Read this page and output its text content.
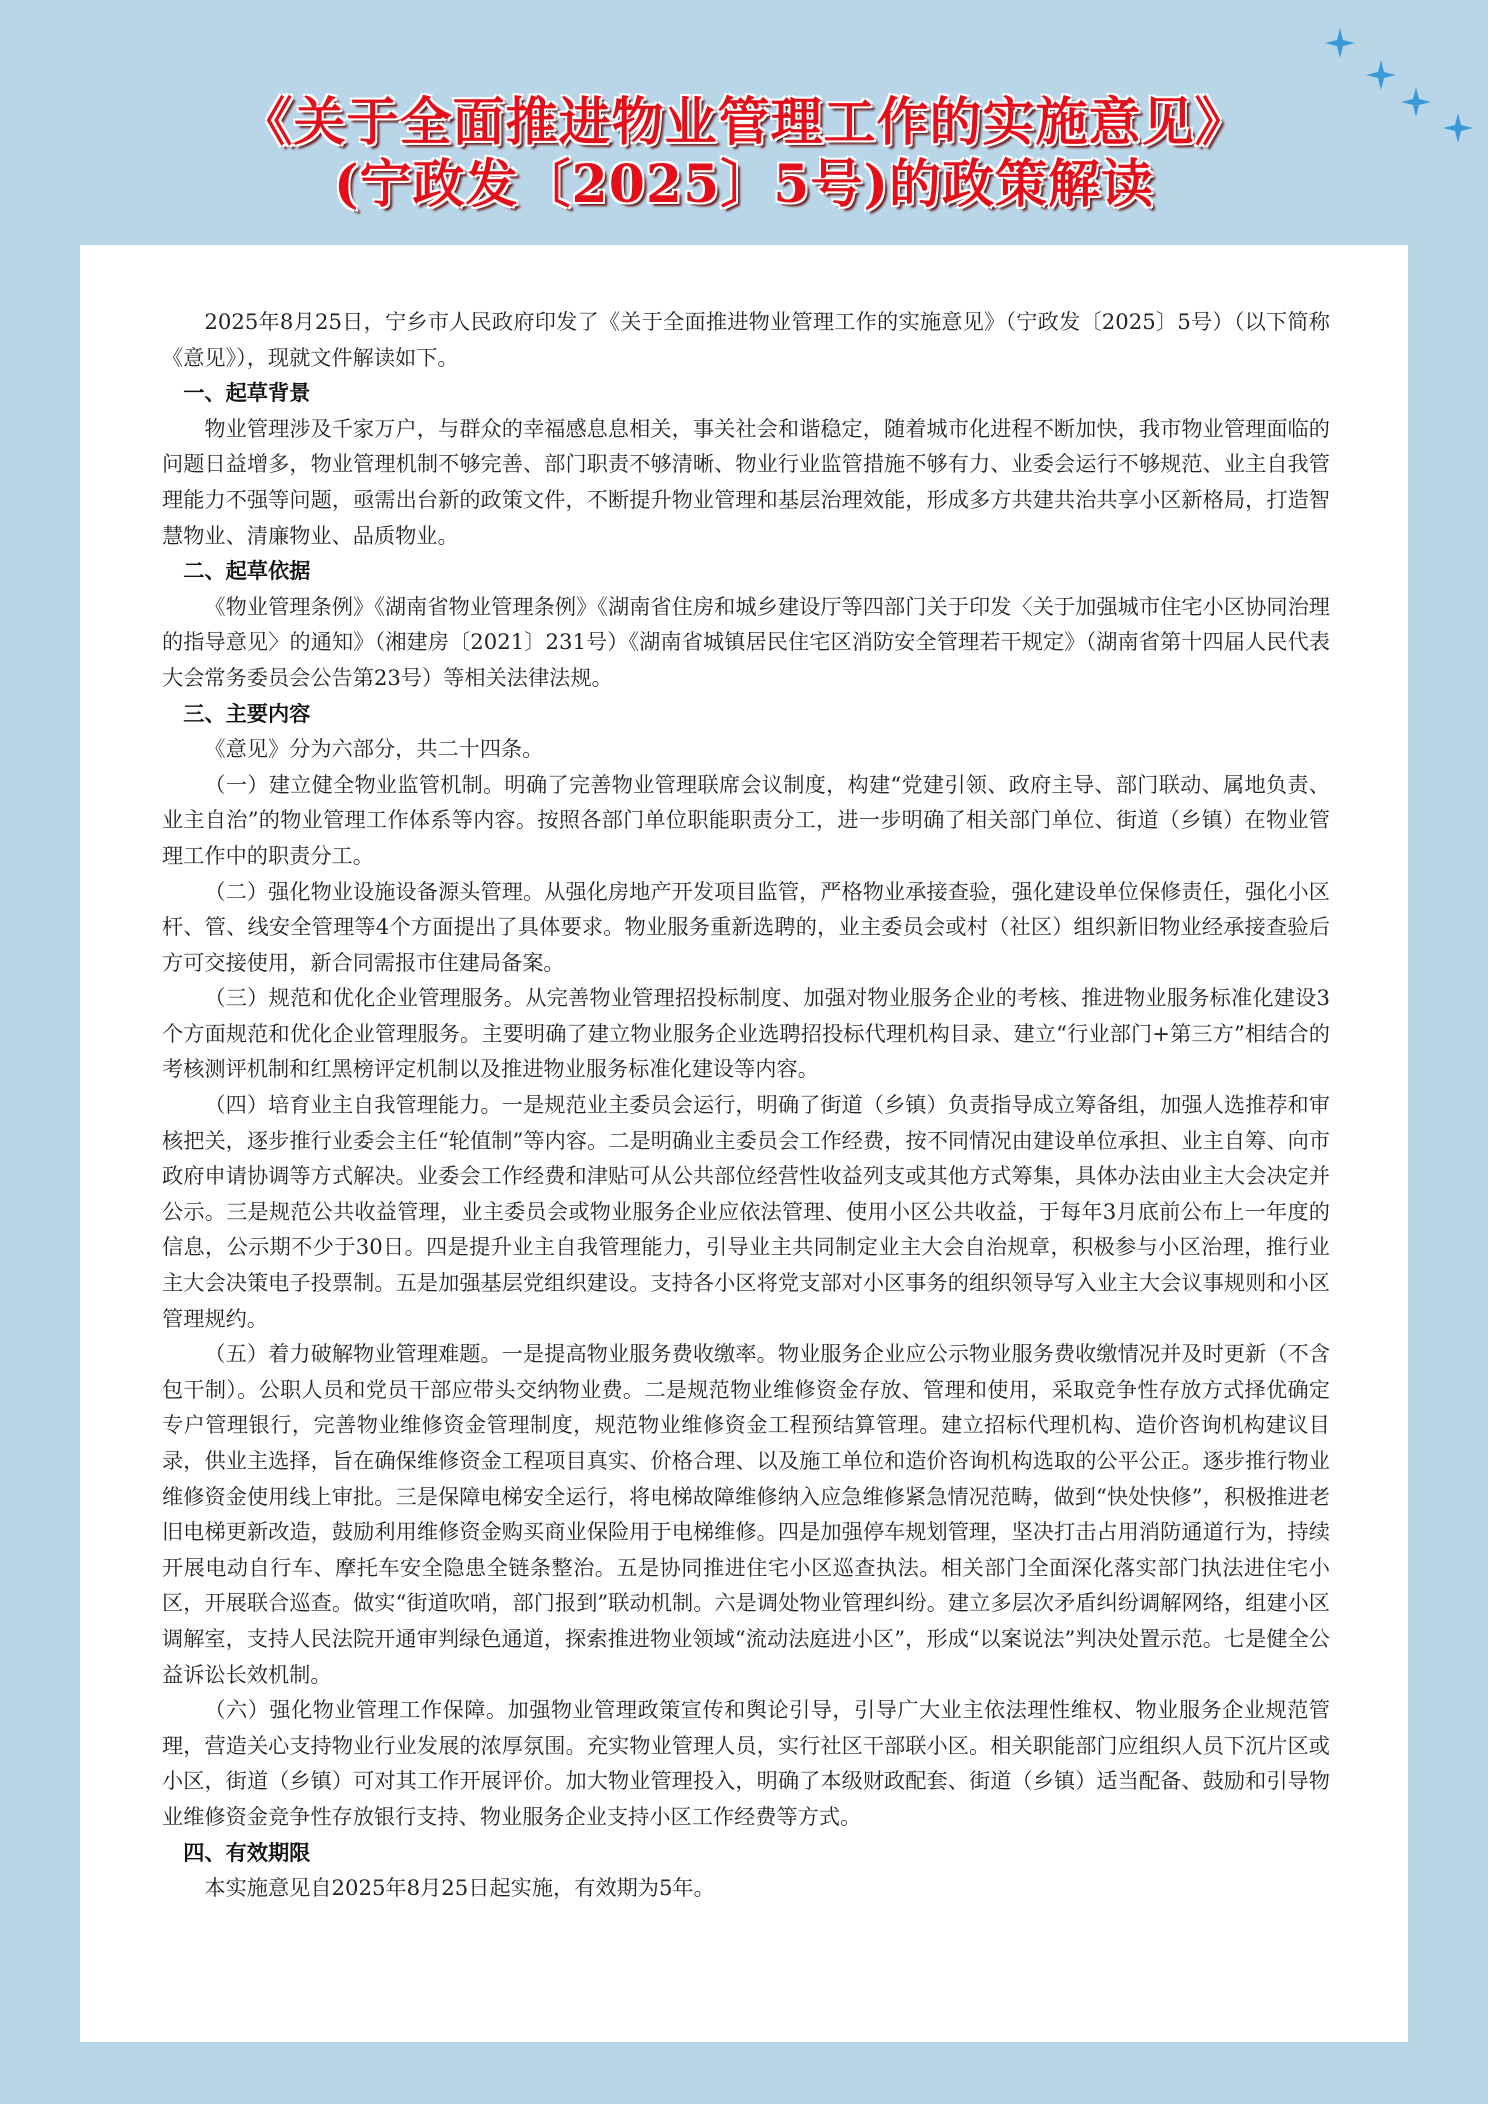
《关于全面推进物业管理工作的实施意见》
(宁政发〔2025〕5号)的政策解读

2025年8月25日，宁乡市人民政府印发了《关于全面推进物业管理工作的实施意见》（宁政发〔2025〕5号）（以下简称《意见》），现就文件解读如下。

一、起草背景

物业管理涉及千家万户，与群众的幸福感息息相关，事关社会和谐稳定，随着城市化进程不断加快，我市物业管理面临的问题日益增多，物业管理机制不够完善、部门职责不够清晰、物业行业监管措施不够有力、业委会运行不够规范、业主自我管理能力不强等问题，亟需出台新的政策文件，不断提升物业管理和基层治理效能，形成多方共建共治共享小区新格局，打造智慧物业、清廉物业、品质物业。

二、起草依据

《物业管理条例》《湖南省物业管理条例》《湖南省住房和城乡建设厅等四部门关于印发〈关于加强城市住宅小区协同治理的指导意见〉的通知》（湘建房〔2021〕231号）《湖南省城镇居民住宅区消防安全管理若干规定》（湖南省第十四届人民代表大会常务委员会公告第23号）等相关法律法规。

三、主要内容

《意见》分为六部分，共二十四条。

（一）建立健全物业监管机制。明确了完善物业管理联席会议制度，构建“党建引领、政府主导、部门联动、属地负责、业主自治”的物业管理工作体系等内容。按照各部门单位职能职责分工，进一步明确了相关部门单位、街道（乡镇）在物业管理工作中的职责分工。

（二）强化物业设施设备源头管理。从强化房地产开发项目监管，严格物业承接查验，强化建设单位保修责任，强化小区杆、管、线安全管理等4个方面提出了具体要求。物业服务重新选聘的，业主委员会或村（社区）组织新旧物业经承接查验后方可交接使用，新合同需报市住建局备案。

（三）规范和优化企业管理服务。从完善物业管理招投标制度、加强对物业服务企业的考核、推进物业服务标准化建设3个方面规范和优化企业管理服务。主要明确了建立物业服务企业选聘招投标代理机构目录、建立“行业部门+第三方”相结合的考核测评机制和红黑榜评定机制以及推进物业服务标准化建设等内容。

（四）培育业主自我管理能力。一是规范业主委员会运行，明确了街道（乡镇）负责指导成立筹备组，加强人选推荐和审核把关，逐步推行业委会主任“轮值制”等内容。二是明确业主委员会工作经费，按不同情况由建设单位承担、业主自筹、向市政府申请协调等方式解决。业委会工作经费和津贴可从公共部位经营性收益列支或其他方式筹集，具体办法由业主大会决定并公示。三是规范公共收益管理，业主委员会或物业服务企业应依法管理、使用小区公共收益，于每年3月底前公布上一年度的信息，公示期不少于30日。四是提升业主自我管理能力，引导业主共同制定业主大会自治规章，积极参与小区治理，推行业主大会决策电子投票制。五是加强基层党组织建设。支持各小区将党支部对小区事务的组织领导写入业主大会议事规则和小区管理规约。

（五）着力破解物业管理难题。一是提高物业服务费收缴率。物业服务企业应公示物业服务费收缴情况并及时更新（不含包干制）。公职人员和党员干部应带头交纳物业费。二是规范物业维修资金存放、管理和使用，采取竞争性存放方式择优确定专户管理银行，完善物业维修资金管理制度，规范物业维修资金工程预结算管理。建立招标代理机构、造价咨询机构建议目录，供业主选择，旨在确保维修资金工程项目真实、价格合理、以及施工单位和造价咨询机构选取的公平公正。逐步推行物业维修资金使用线上审批。三是保障电梯安全运行，将电梯故障维修纳入应急维修紧急情况范畴，做到“快处快修”，积极推进老旧电梯更新改造，鼓励利用维修资金购买商业保险用于电梯维修。四是加强停车规划管理，坚决打击占用消防通道行为，持续开展电动自行车、摩托车安全隐患全链条整治。五是协同推进住宅小区巡查执法。相关部门全面深化落实部门执法进住宅小区，开展联合巡查。做实“街道吹哨，部门报到”联动机制。六是调处物业管理纠纷。建立多层次矛盾纠纷调解网络，组建小区调解室，支持人民法院开通审判绿色通道，探索推进物业领域“流动法庭进小区”，形成“以案说法”判决处置示范。七是健全公益诉讼长效机制。

（六）强化物业管理工作保障。加强物业管理政策宣传和舆论引导，引导广大业主依法理性维权、物业服务企业规范管理，营造关心支持物业行业发展的浓厚氛围。充实物业管理人员，实行社区干部联小区。相关职能部门应组织人员下沉片区或小区，街道（乡镇）可对其工作开展评价。加大物业管理投入，明确了本级财政配套、街道（乡镇）适当配备、鼓励和引导物业维修资金竞争性存放银行支持、物业服务企业支持小区工作经费等方式。

四、有效期限

本实施意见自2025年8月25日起实施，有效期为5年。
